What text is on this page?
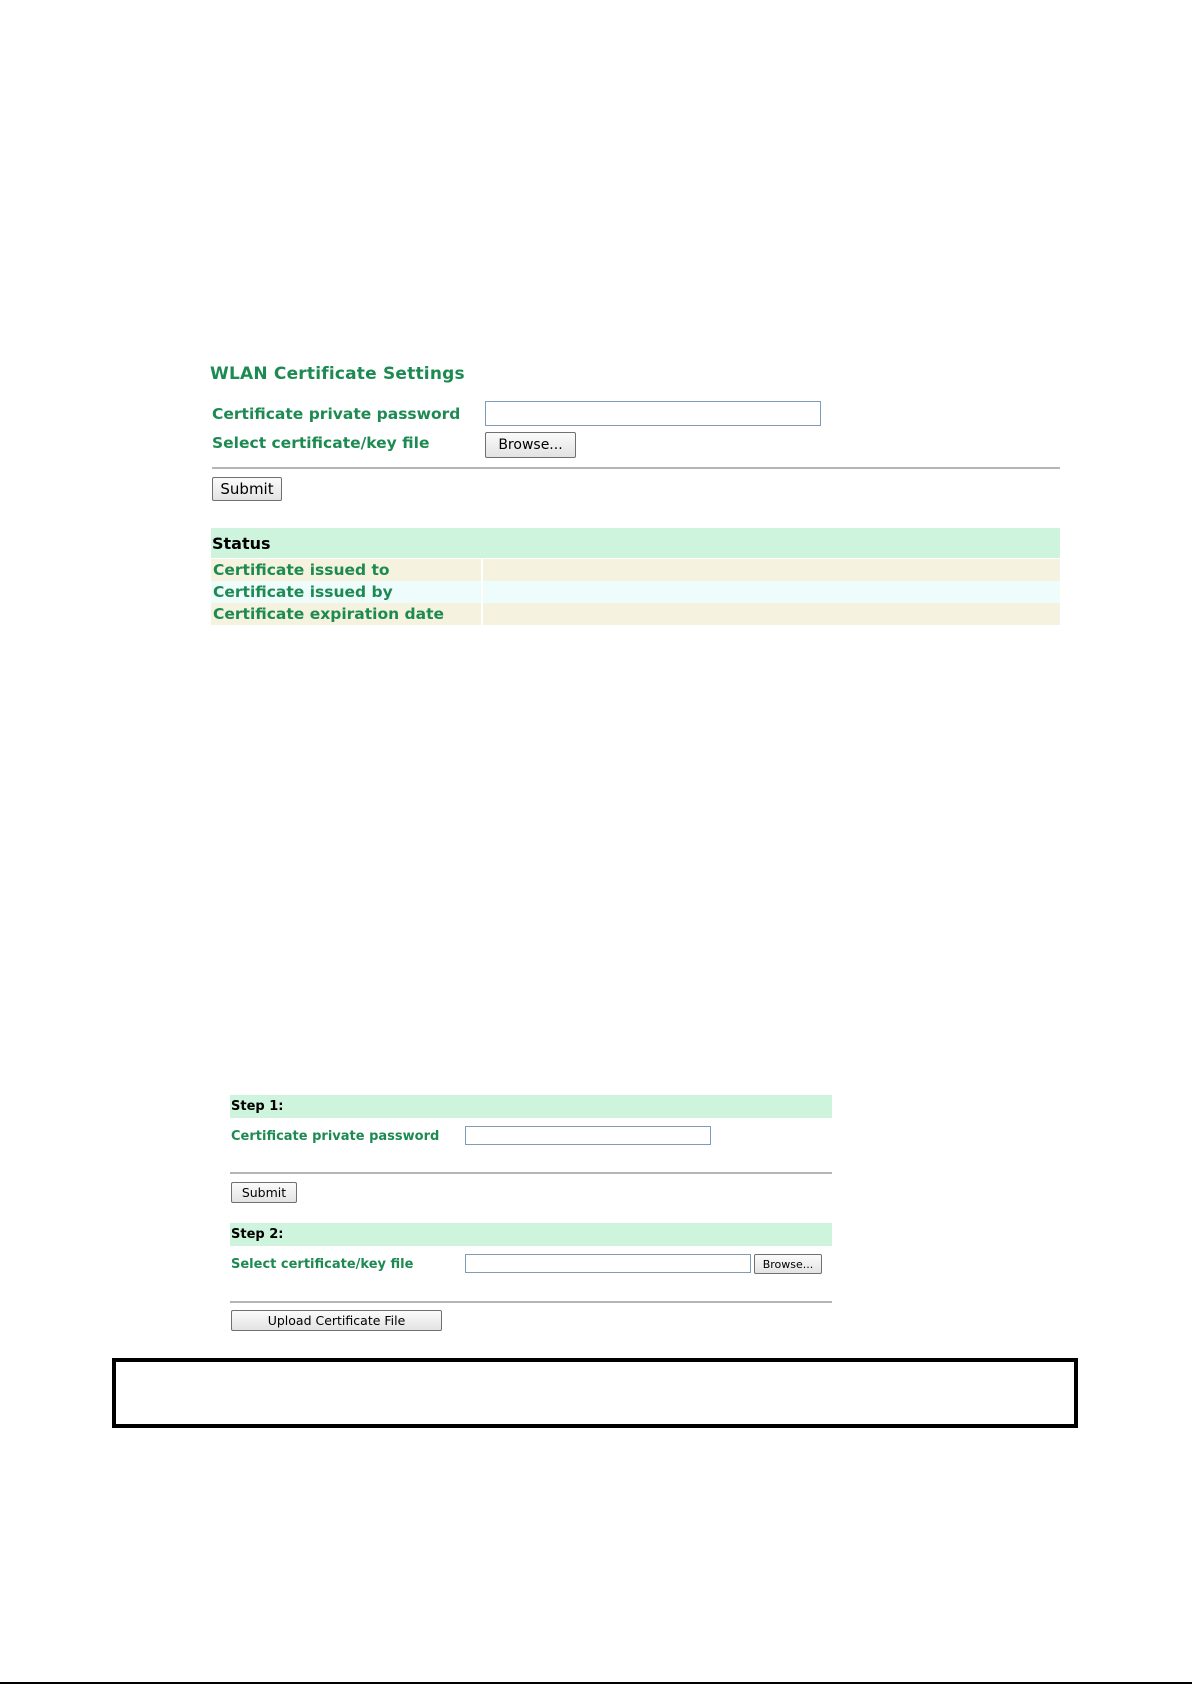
WLAN Certificate Settings
Certificate private password
Select certificate/key file	Browse...
Submit
Status	

Certificate issued to	
Certificate issued by	
Certificate expiration date	
Step 1:
Certificate private password
Submit
Step 2:
Select certificate/key file	Browse...
Upload Certificate File
